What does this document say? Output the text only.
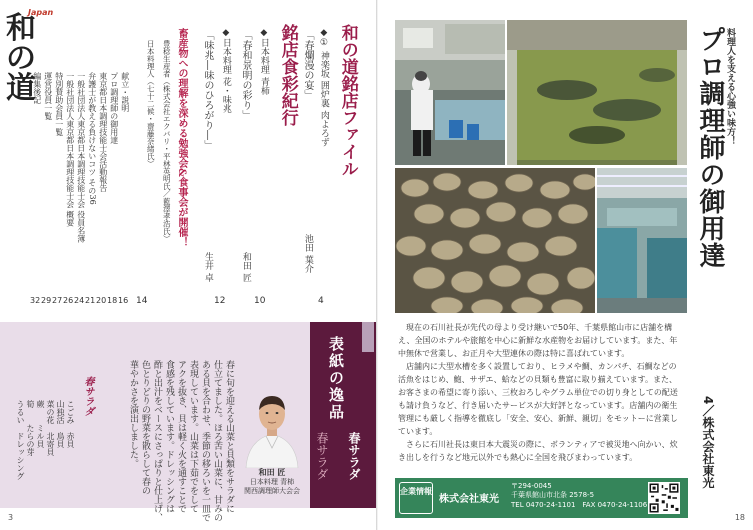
Japan
和の道	和の道銘店ファイル
◆① 神楽坂 囲炉裏 肉よろず
「春爛漫の宴」
池田 葉介
4
銘店食彩紀行
◆日本料理 青柿
「春和景明の彩り」
和田 匠
10
◆日本料理 花・味兆
「味兆―味のひろがり―」
生井 卓
12
畜産物への理解を深める勉強会&食事会が開催！
豊稔生産者（株式会社エクバリ・平林英明氏／藍澤孝浩氏）
日本料理人（七十二候・齋藤奈緒氏）
14
献立・説明
16
プロ調理師の御用達
18
東京都日本調理技能士会活動報告
20
弁護士が教える負けないコツ その36
21
一般社団法人東京都日本調理技能士会 役員名簿
24
一般社団法人東京都日本調理技能士会 概要
26
特別賛助会員一覧
27
運営役員一覧
29
編集後記
32
表紙の逸品
春サラダ 春サラダ
春に旬を迎える山菜と貝類をサラダに
仕立てました。ほろ苦い山菜に、甘みの
ある貝を合わせ、季節の移ろいを一皿で
表現しています。山菜は下茹でをして
アクを抜き、貝は軽く火を通すことで
食感を残しています。ドレッシングは
酢と出汁をベースにさっぱりと仕上げ、
色とりどりの野菜を散らして春の
華やかさを演出しました。
春サラダ
こごみ　赤貝
山独活　鳥貝
菜の花　北寄貝
蕨　　ミル貝
筍　　たらの芽
うるい　ドレッシング	和田 匠
日本料理 青柿
関西調理師大会会
3
料理人を支える心強い味方！
プロ調理師の御用達
4／株式会社東光

現在の石川社長が先代の母より受け継いで50年、千葉県館山市に店舗を構え、全国のホテルや旅館を中心に新鮮な水産物をお届けしています。また、年中無休で営業し、お正月や大型連休の際は特に喜ばれています。

店舗内に大型水槽を多く設置しており、ヒラメや鯛、カンパチ、石鯛などの活魚をはじめ、鮑、サザエ、蛤などの貝類も豊富に取り揃えています。また、お客さまの希望に寄り添い、三枚おろしやグラム単位での切り身としての配送も請け負うなど、行き届いたサービスが大好評となっています。店舗内の衛生管理にも厳しく指導を徹底し「安全、安心、新鮮、親切」をモットーに営業しています。

さらに石川社長は東日本大震災の際に、ボランティアで被災地へ向かい、炊き出しを行うなど地元以外でも熱心に全国を飛びまわっています。

企業情報
株式会社東光
〒294-0045
千葉県館山市北条 2578-5
TEL 0470-24-1101　FAX 0470-24-1106
18
